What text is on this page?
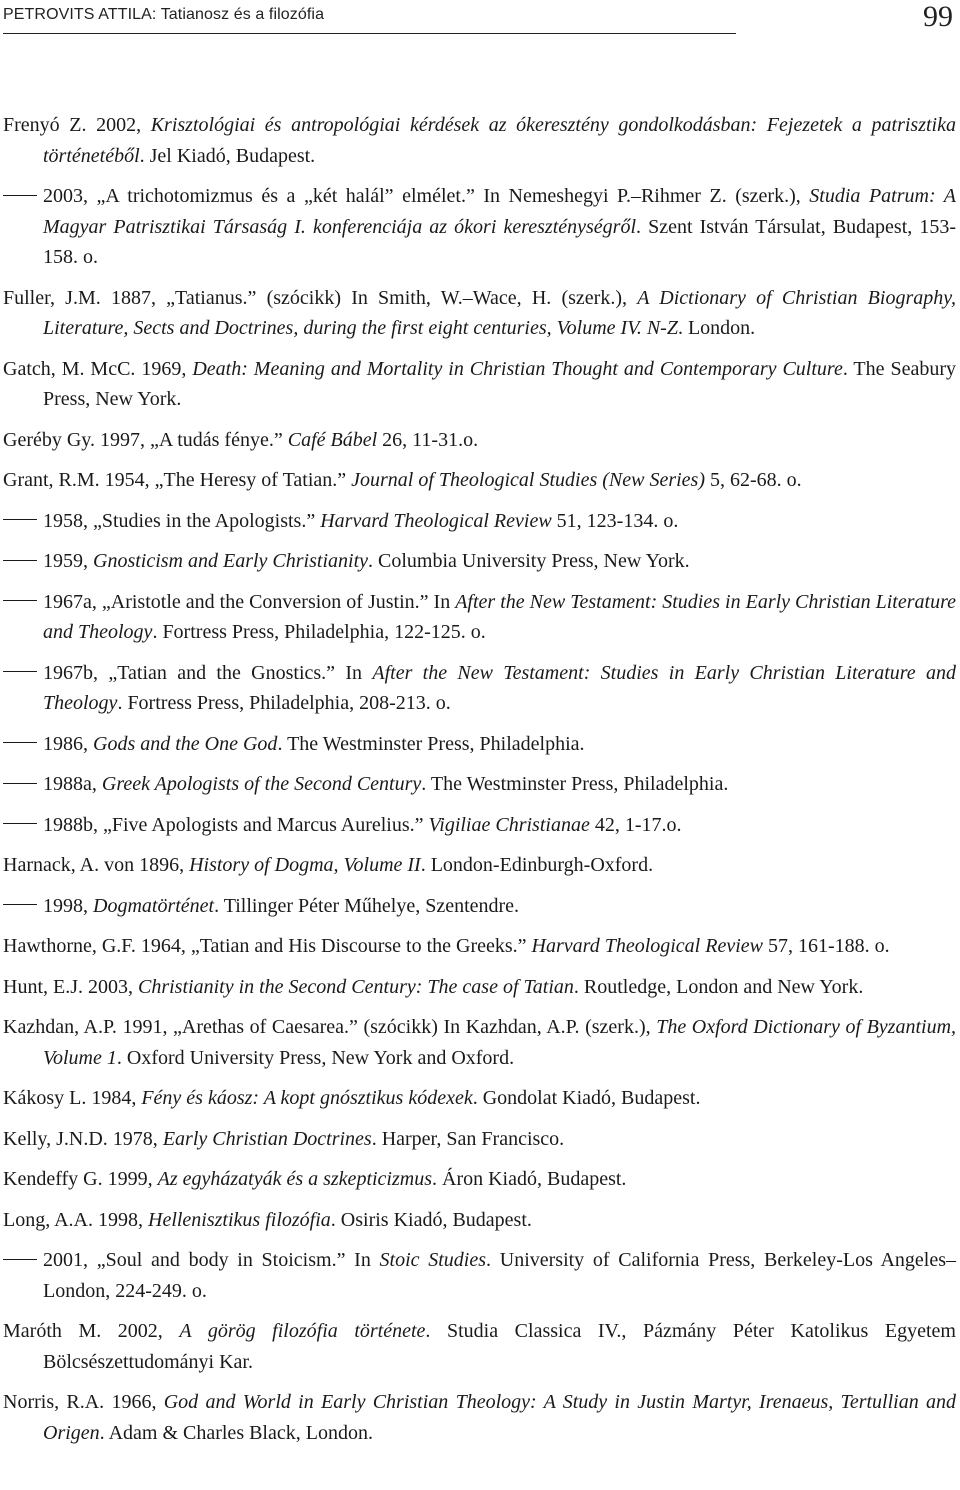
PETROVITS ATTILA: Tatianosz és a filozófia	99

Frenyó Z. 2002, Krisztológiai és antropológiai kérdések az ókeresztény gondolkodásban: Fejezetek a patrisztika történetéből. Jel Kiadó, Budapest.

2003, „A trichotomizmus és a „két halál” elmélet.” In Nemeshegyi P.–Rihmer Z. (szerk.), Studia Patrum: A Magyar Patrisztikai Társaság I. konferenciája az ókori kereszténységről. Szent István Társulat, Budapest, 153-158. o.

Fuller, J.M. 1887, „Tatianus.” (szócikk) In Smith, W.–Wace, H. (szerk.), A Dictionary of Christian Biography, Literature, Sects and Doctrines, during the first eight centuries, Volume IV. N-Z. London.

Gatch, M. McC. 1969, Death: Meaning and Mortality in Christian Thought and Contemporary Culture. The Seabury Press, New York.

Geréby Gy. 1997, „A tudás fénye.” Café Bábel 26, 11-31.o.

Grant, R.M. 1954, „The Heresy of Tatian.” Journal of Theological Studies (New Series) 5, 62-68. o.

1958, „Studies in the Apologists.” Harvard Theological Review 51, 123-134. o.

1959, Gnosticism and Early Christianity. Columbia University Press, New York.

1967a, „Aristotle and the Conversion of Justin.” In After the New Testament: Studies in Early Christian Literature and Theology. Fortress Press, Philadelphia, 122-125. o.

1967b, „Tatian and the Gnostics.” In After the New Testament: Studies in Early Christian Literature and Theology. Fortress Press, Philadelphia, 208-213. o.

1986, Gods and the One God. The Westminster Press, Philadelphia.

1988a, Greek Apologists of the Second Century. The Westminster Press, Philadelphia.

1988b, „Five Apologists and Marcus Aurelius.” Vigiliae Christianae 42, 1-17.o.

Harnack, A. von 1896, History of Dogma, Volume II. London-Edinburgh-Oxford.

1998, Dogmatörténet. Tillinger Péter Műhelye, Szentendre.

Hawthorne, G.F. 1964, „Tatian and His Discourse to the Greeks.” Harvard Theological Review 57, 161-188. o.

Hunt, E.J. 2003, Christianity in the Second Century: The case of Tatian. Routledge, London and New York.

Kazhdan, A.P. 1991, „Arethas of Caesarea.” (szócikk) In Kazhdan, A.P. (szerk.), The Oxford Dictionary of Byzantium, Volume 1. Oxford University Press, New York and Oxford.

Kákosy L. 1984, Fény és káosz: A kopt gnósztikus kódexek. Gondolat Kiadó, Budapest.

Kelly, J.N.D. 1978, Early Christian Doctrines. Harper, San Francisco.

Kendeffy G. 1999, Az egyházatyák és a szkepticizmus. Áron Kiadó, Budapest.

Long, A.A. 1998, Hellenisztikus filozófia. Osiris Kiadó, Budapest.

2001, „Soul and body in Stoicism.” In Stoic Studies. University of California Press, Berkeley-Los Angeles–London, 224-249. o.

Maróth M. 2002, A görög filozófia története. Studia Classica IV., Pázmány Péter Katolikus Egyetem Bölcsészettudományi Kar.

Norris, R.A. 1966, God and World in Early Christian Theology: A Study in Justin Martyr, Irenaeus, Tertullian and Origen. Adam & Charles Black, London.
